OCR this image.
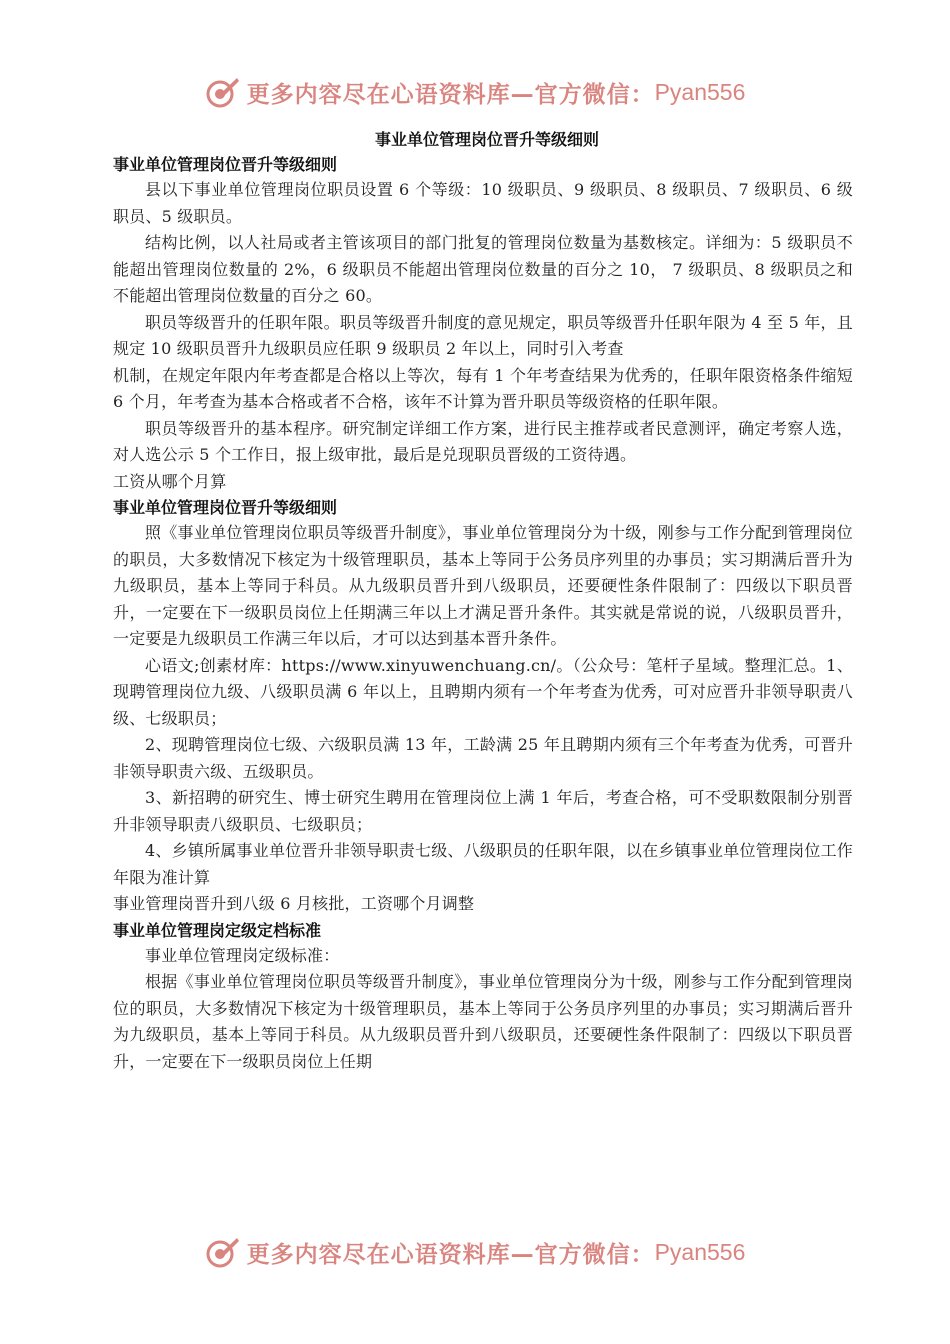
更多内容尽在心语资料库—官方微信： Pyan556
事业单位管理岗位晋升等级细则
事业单位管理岗位晋升等级细则

县以下事业单位管理岗位职员设置 6 个等级：10 级职员、9 级职员、8 级职员、7 级职员、6 级职员、5 级职员。

结构比例，以人社局或者主管该项目的部门批复的管理岗位数量为基数核定。详细为：5 级职员不能超出管理岗位数量的 2%，6 级职员不能超出管理岗位数量的百分之 10， 7 级职员、8 级职员之和不能超出管理岗位数量的百分之 60。

职员等级晋升的任职年限。职员等级晋升制度的意见规定，职员等级晋升任职年限为 4 至 5 年，且规定 10 级职员晋升九级职员应任职 9 级职员 2 年以上，同时引入考查

机制，在规定年限内年考查都是合格以上等次，每有 1 个年考查结果为优秀的，任职年限资格条件缩短 6 个月，年考查为基本合格或者不合格，该年不计算为晋升职员等级资格的任职年限。

职员等级晋升的基本程序。研究制定详细工作方案，进行民主推荐或者民意测评，确定考察人选，对人选公示 5 个工作日，报上级审批，最后是兑现职员晋级的工资待遇。

工资从哪个月算

事业单位管理岗位晋升等级细则

照《事业单位管理岗位职员等级晋升制度》，事业单位管理岗分为十级，刚参与工作分配到管理岗位的职员，大多数情况下核定为十级管理职员，基本上等同于公务员序列里的办事员；实习期满后晋升为九级职员，基本上等同于科员。从九级职员晋升到八级职员，还要硬性条件限制了：四级以下职员晋升，一定要在下一级职员岗位上任期满三年以上才满足晋升条件。其实就是常说的说，八级职员晋升，一定要是九级职员工作满三年以后，才可以达到基本晋升条件。

心语文;创素材库：https://www.xinyuwenchuang.cn/。（公众号：笔杆子星域。整理汇总。1、现聘管理岗位九级、八级职员满 6 年以上，且聘期内须有一个年考查为优秀，可对应晋升非领导职责八级、七级职员；

2、现聘管理岗位七级、六级职员满 13 年，工龄满 25 年且聘期内须有三个年考查为优秀，可晋升非领导职责六级、五级职员。

3、新招聘的研究生、博士研究生聘用在管理岗位上满 1 年后，考查合格，可不受职数限制分别晋升非领导职责八级职员、七级职员；

4、乡镇所属事业单位晋升非领导职责七级、八级职员的任职年限，以在乡镇事业单位管理岗位工作年限为准计算

事业管理岗晋升到八级 6 月核批，工资哪个月调整

事业单位管理岗定级定档标准

事业单位管理岗定级标准：

根据《事业单位管理岗位职员等级晋升制度》，事业单位管理岗分为十级，刚参与工作分配到管理岗位的职员，大多数情况下核定为十级管理职员，基本上等同于公务员序列里的办事员；实习期满后晋升为九级职员，基本上等同于科员。从九级职员晋升到八级职员，还要硬性条件限制了：四级以下职员晋升，一定要在下一级职员岗位上任期

更多内容尽在心语资料库—官方微信： Pyan556
